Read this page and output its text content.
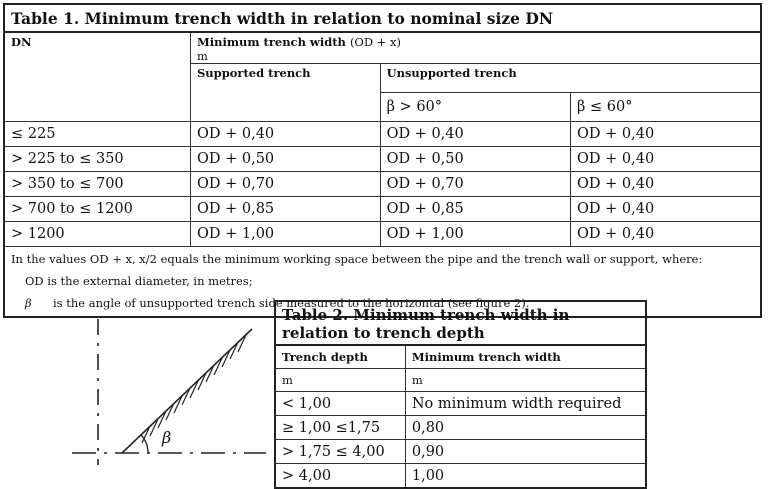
Table 1. Minimum trench width in relation to nominal size DN			
DN	Minimum trench width (OD + x)
m		

	Supported trench	Unsupported trench	
		β > 60°	β ≤ 60°
≤ 225	OD + 0,40	OD + 0,40	OD + 0,40
> 225 to ≤ 350	OD + 0,50	OD + 0,50	OD + 0,40
> 350 to ≤ 700	OD + 0,70	OD + 0,70	OD + 0,40
> 700 to ≤ 1200	OD + 0,85	OD + 0,85	OD + 0,40
> 1200	OD + 1,00	OD + 1,00	OD + 0,40

In the values OD + x, x/2 equals the minimum working space between the pipe and the trench wall or support, where:
OD is the external diameter, in metres;
β is the angle of unsupported trench side measured to the horizontal (see figure 2).			
β
Table 2. Minimum trench width in relation to trench depth	
Trench depth	Minimum trench width
m	m
< 1,00	No minimum width required
≥ 1,00 ≤1,75	0,80
> 1,75 ≤ 4,00	0,90
> 4,00	1,00
